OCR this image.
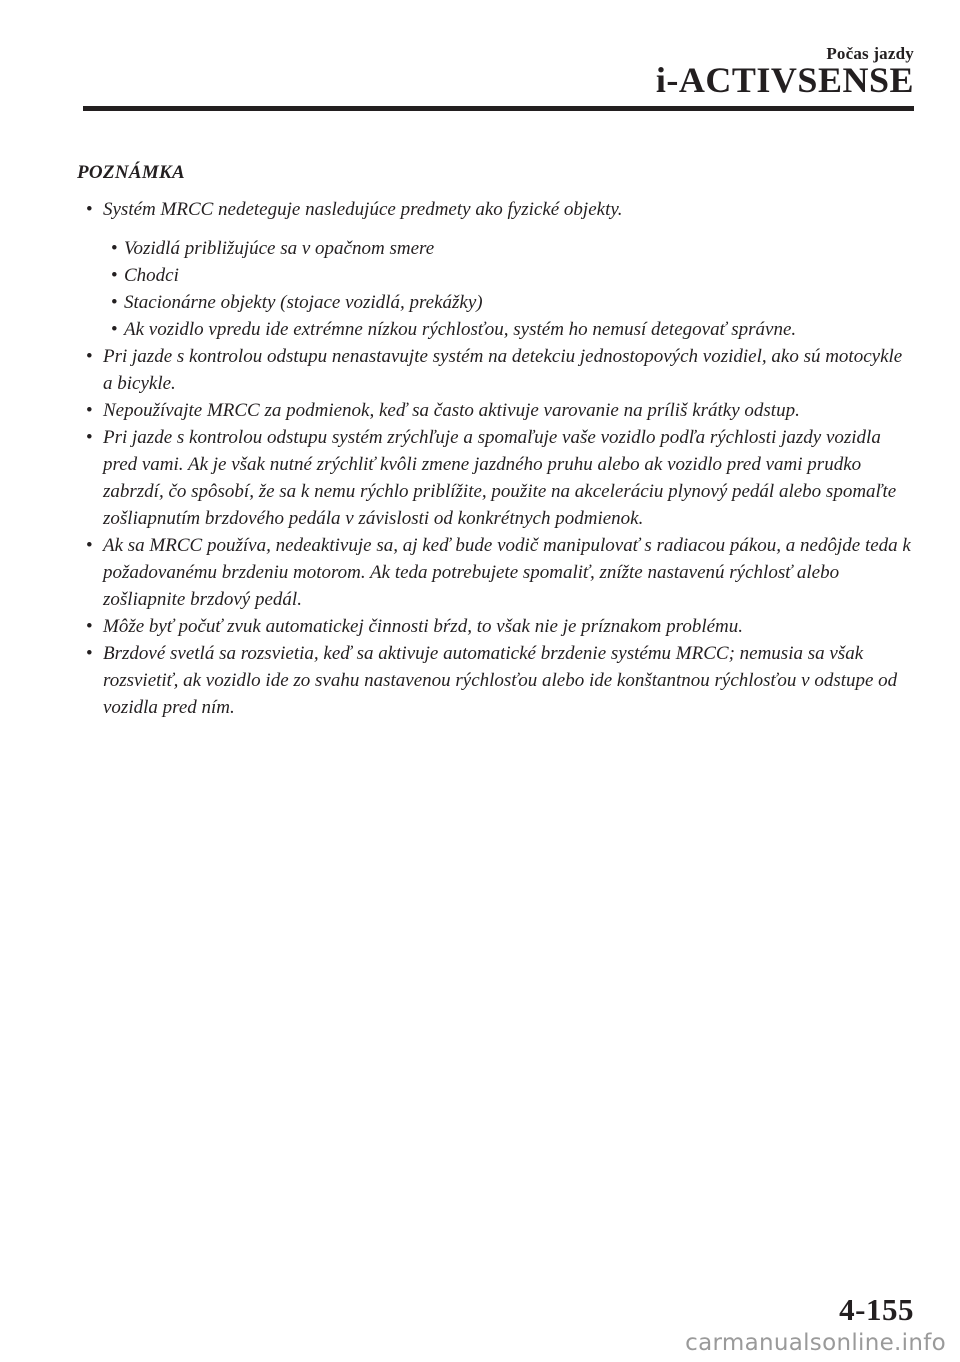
Počas jazdy
i-ACTIVSENSE
POZNÁMKA
• Systém MRCC nedeteguje nasledujúce predmety ako fyzické objekty.
• Vozidlá približujúce sa v opačnom smere
• Chodci
• Stacionárne objekty (stojace vozidlá, prekážky)
• Ak vozidlo vpredu ide extrémne nízkou rýchlosťou, systém ho nemusí detegovať správne.
• Pri jazde s kontrolou odstupu nenastavujte systém na detekciu jednostopových vozidiel, ako sú motocykle a bicykle.
• Nepoužívajte MRCC za podmienok, keď sa často aktivuje varovanie na príliš krátky odstup.
• Pri jazde s kontrolou odstupu systém zrýchľuje a spomaľuje vaše vozidlo podľa rýchlosti jazdy vozidla pred vami. Ak je však nutné zrýchliť kvôli zmene jazdného pruhu alebo ak vozidlo pred vami prudko zabrzdí, čo spôsobí, že sa k nemu rýchlo priblížite, použite na akceleráciu plynový pedál alebo spomaľte zošliapnutím brzdového pedála v závislosti od konkrétnych podmienok.
• Ak sa MRCC používa, nedeaktivuje sa, aj keď bude vodič manipulovať s radiacou pákou, a nedôjde teda k požadovanému brzdeniu motorom. Ak teda potrebujete spomaliť, znížte nastavenú rýchlosť alebo zošliapnite brzdový pedál.
• Môže byť počuť zvuk automatickej činnosti bŕzd, to však nie je príznakom problému.
• Brzdové svetlá sa rozsvietia, keď sa aktivuje automatické brzdenie systému MRCC; nemusia sa však rozsvietiť, ak vozidlo ide zo svahu nastavenou rýchlosťou alebo ide konštantnou rýchlosťou v odstupe od vozidla pred ním.
4-155
carmanualsonline.info
